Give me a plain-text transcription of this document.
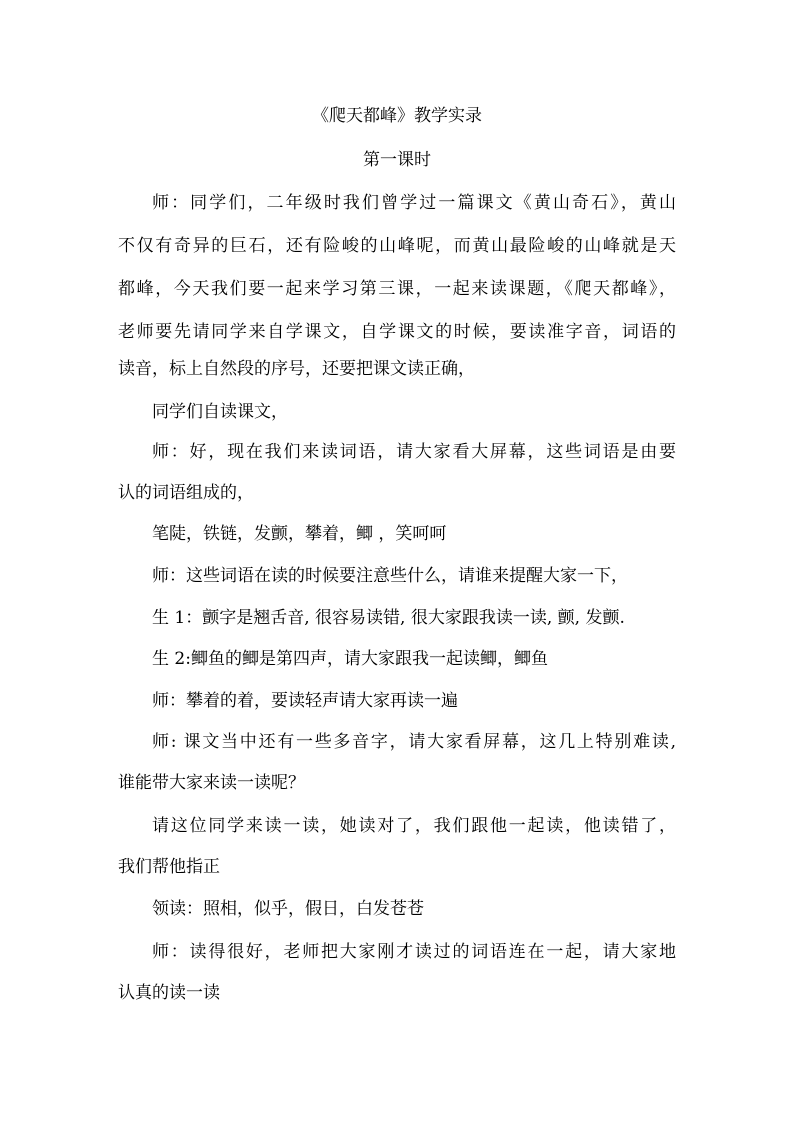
《爬天都峰》教学实录
第一课时
师：同学们，二年级时我们曾学过一篇课文《黄山奇石》，黄山
不仅有奇异的巨石，还有险峻的山峰呢，而黄山最险峻的山峰就是天
都峰，今天我们要一起来学习第三课，一起来读课题，《爬天都峰》，
老师要先请同学来自学课文，自学课文的时候，要读准字音，词语的
读音，标上自然段的序号，还要把课文读正确，
同学们自读课文，
师：好，现在我们来读词语，请大家看大屏幕，这些词语是由要
认的词语组成的，
笔陡，铁链，发颤，攀着，鲫 ，笑呵呵
师：这些词语在读的时候要注意些什么，请谁来提醒大家一下，
生 1：颤字是翘舌音, 很容易读错, 很大家跟我读一读, 颤, 发颤.
生 2:鲫鱼的鲫是第四声，请大家跟我一起读鲫，鲫鱼
师：攀着的着，要读轻声请大家再读一遍
师: 课文当中还有一些多音字，请大家看屏幕，这几上特别难读,
谁能带大家来读一读呢？
请这位同学来读一读，她读对了，我们跟他一起读，他读错了，
我们帮他指正
领读：照相，似乎，假日，白发苍苍
师：读得很好，老师把大家刚才读过的词语连在一起，请大家地
认真的读一读
